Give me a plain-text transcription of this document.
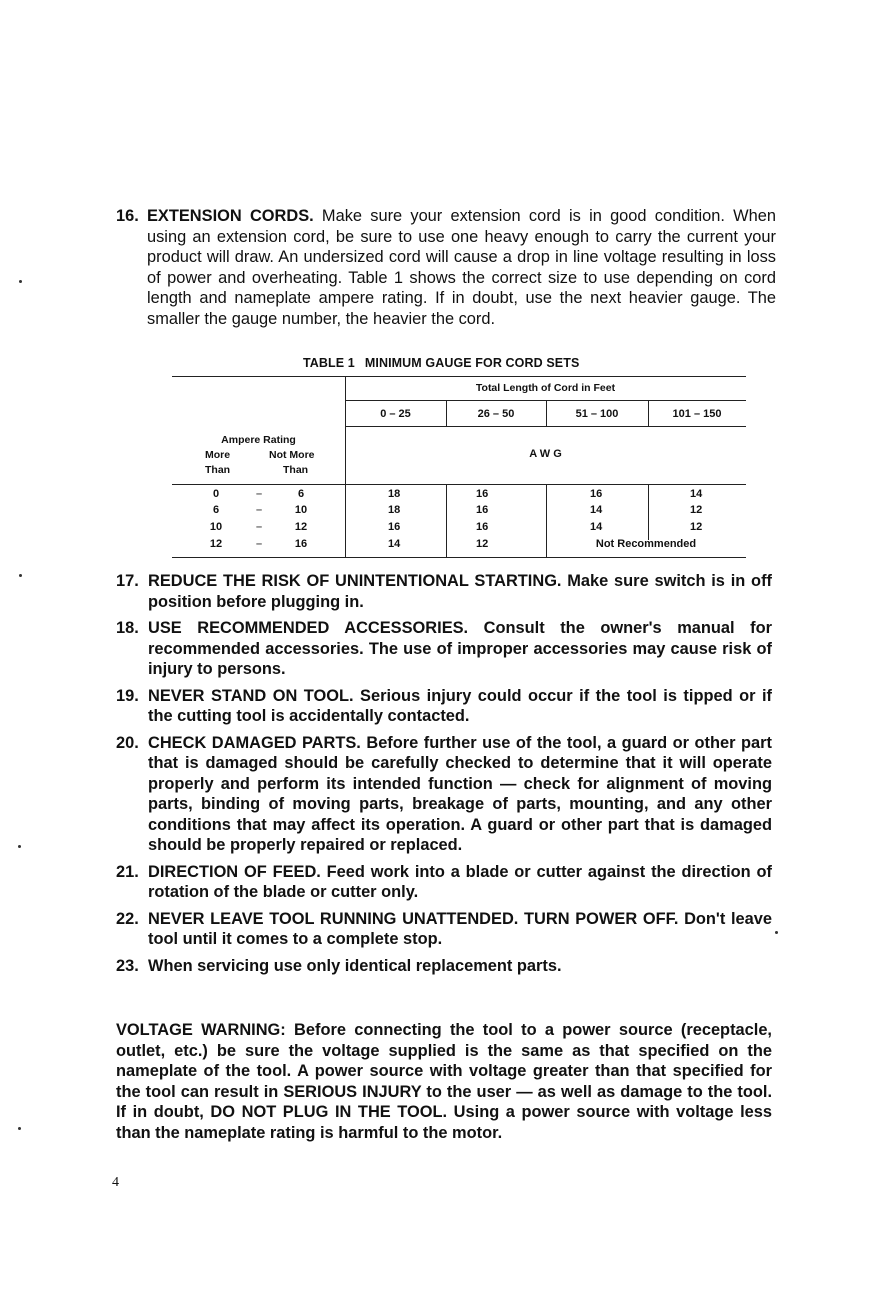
16. EXTENSION CORDS. Make sure your extension cord is in good condition. When using an extension cord, be sure to use one heavy enough to carry the current your product will draw. An undersized cord will cause a drop in line voltage resulting in loss of power and overheating. Table 1 shows the correct size to use depending on cord length and nameplate ampere rating. If in doubt, use the next heavier gauge. The smaller the gauge number, the heavier the cord.
TABLE 1 MINIMUM GAUGE FOR CORD SETS
Total Length of Cord in Feet
0 – 25	26 – 50	51 – 100	101 – 150
Ampere Rating
More	Not More
Than	Than
A W G
0	–	6	18	16	16	14
6	–	10	18	16	14	12
10	–	12	16	16	14	12
12	–	16	14	12	Not Recommended
17. REDUCE THE RISK OF UNINTENTIONAL STARTING. Make sure switch is in off position before plugging in.
18. USE RECOMMENDED ACCESSORIES. Consult the owner's manual for recommended accessories. The use of improper accessories may cause risk of injury to persons.
19. NEVER STAND ON TOOL. Serious injury could occur if the tool is tipped or if the cutting tool is accidentally contacted.
20. CHECK DAMAGED PARTS. Before further use of the tool, a guard or other part that is damaged should be carefully checked to determine that it will operate properly and perform its intended function — check for alignment of moving parts, binding of moving parts, breakage of parts, mounting, and any other conditions that may affect its operation. A guard or other part that is damaged should be properly repaired or replaced.
21. DIRECTION OF FEED. Feed work into a blade or cutter against the direction of rotation of the blade or cutter only.
22. NEVER LEAVE TOOL RUNNING UNATTENDED. TURN POWER OFF. Don't leave tool until it comes to a complete stop.
23. When servicing use only identical replacement parts.
VOLTAGE WARNING: Before connecting the tool to a power source (receptacle, outlet, etc.) be sure the voltage supplied is the same as that specified on the nameplate of the tool. A power source with voltage greater than that specified for the tool can result in SERIOUS INJURY to the user — as well as damage to the tool. If in doubt, DO NOT PLUG IN THE TOOL. Using a power source with voltage less than the nameplate rating is harmful to the motor.
4
